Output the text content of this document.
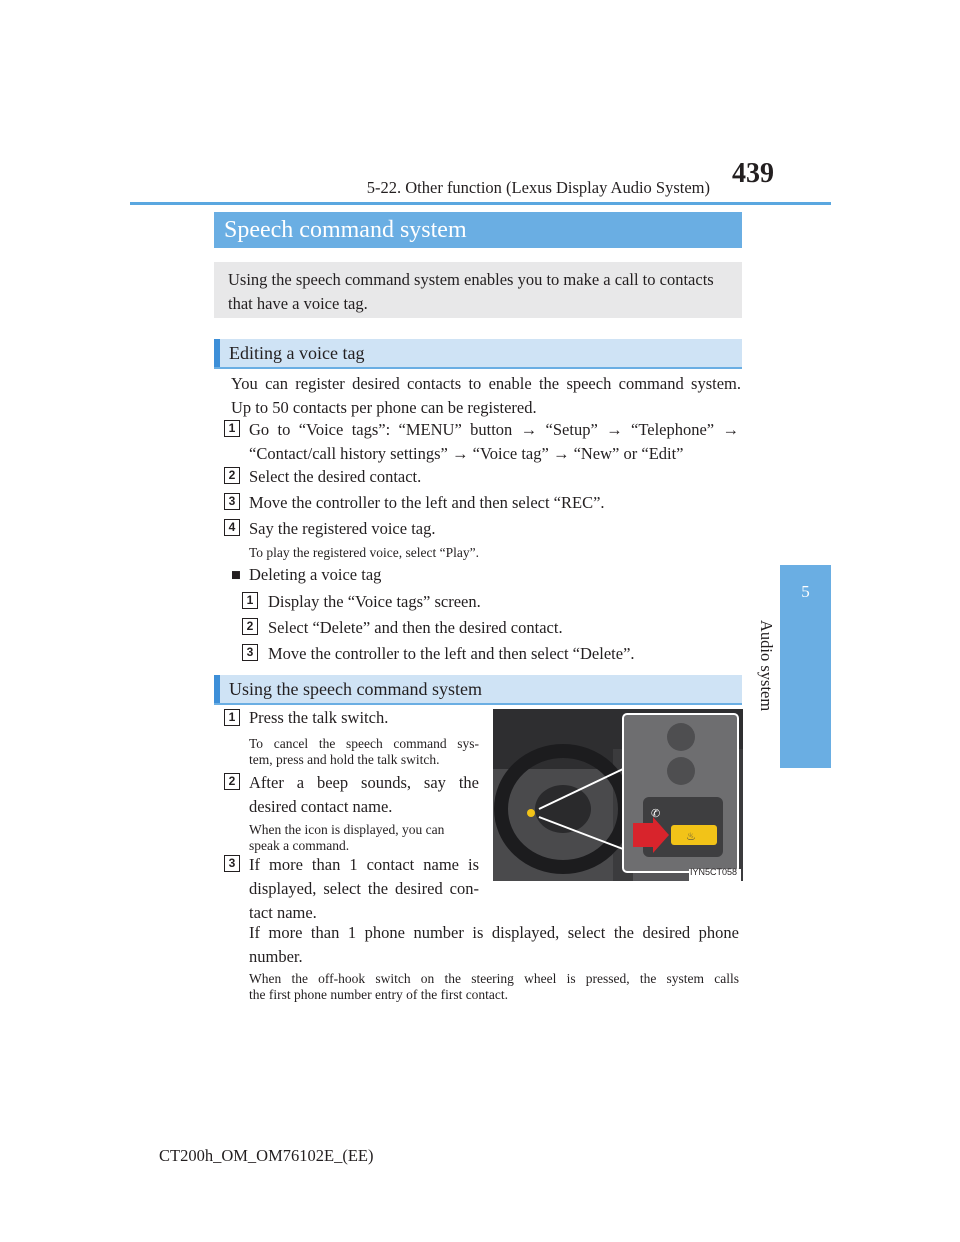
439
5-22. Other function (Lexus Display Audio System)
5
Audio system
Speech command system
Using the speech command system enables you to make a call to contacts
that have a voice tag.
Editing a voice tag
You can register desired contacts to enable the speech command system.
Up to 50 contacts per phone can be registered.
1 Go to “Voice tags”: “MENU” button → “Setup” → “Telephone” →
“Contact/call history settings” → “Voice tag” → “New” or “Edit”
2 Select the desired contact.
3 Move the controller to the left and then select “REC”.
4 Say the registered voice tag.
To play the registered voice, select “Play”.
■ Deleting a voice tag
1 Display the “Voice tags” screen.
2 Select “Delete” and then the desired contact.
3 Move the controller to the left and then select “Delete”.
Using the speech command system
1 Press the talk switch.
To cancel the speech command sys-
tem, press and hold the talk switch.
2 After a beep sounds, say the
desired contact name.
When the icon is displayed, you can
speak a command.
3 If more than 1 contact name is
displayed, select the desired con-
tact name.
If more than 1 phone number is displayed, select the desired phone
number.
When the off-hook switch on the steering wheel is pressed, the system calls
the first phone number entry of the first contact.
✆
♨
IYN5CT058
CT200h_OM_OM76102E_(EE)
